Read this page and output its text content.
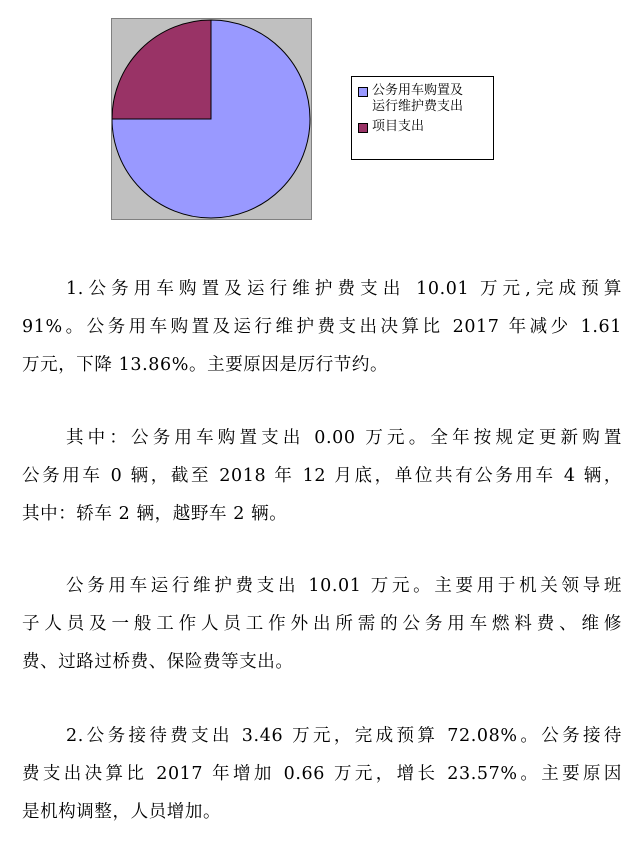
公务用车购置及
运行维护费支出
项目支出
1.公务用车购置及运行维护费支出 10.01 万元,完成预算
91%。公务用车购置及运行维护费支出决算比 2017 年减少 1.61
万元，下降 13.86%。主要原因是厉行节约。
其中：公务用车购置支出 0.00 万元。全年按规定更新购置
公务用车 0 辆，截至 2018 年 12 月底，单位共有公务用车 4 辆，
其中：轿车 2 辆，越野车 2 辆。
公务用车运行维护费支出 10.01 万元。主要用于机关领导班
子人员及一般工作人员工作外出所需的公务用车燃料费、维修
费、过路过桥费、保险费等支出。
2.公务接待费支出 3.46 万元，完成预算 72.08%。公务接待
费支出决算比 2017 年增加 0.66 万元，增长 23.57%。主要原因
是机构调整，人员增加。
